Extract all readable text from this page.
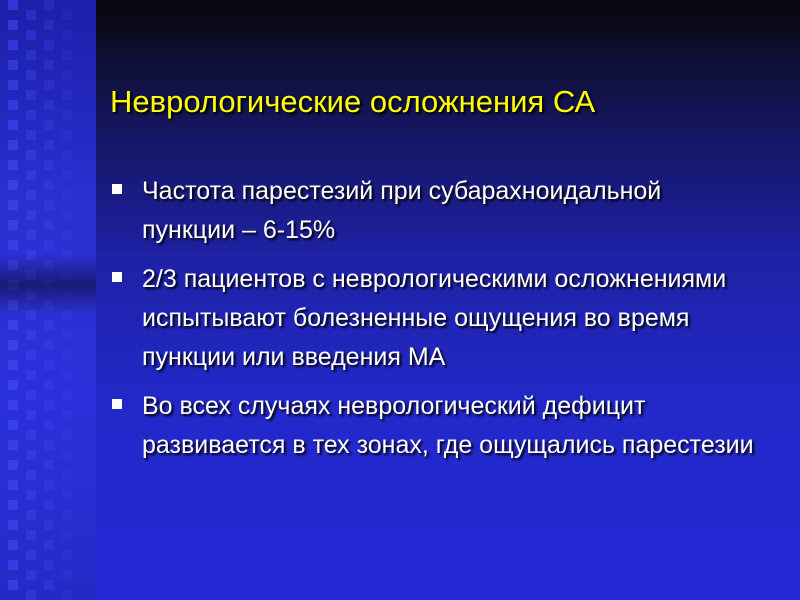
Неврологические осложнения СА
Частота парестезий при субарахноидальной
пункции – 6-15%
2/3 пациентов с неврологическими осложнениями
испытывают болезненные ощущения во время
пункции или введения МА
Во всех случаях неврологический дефицит
развивается в тех зонах, где ощущались парестезии
